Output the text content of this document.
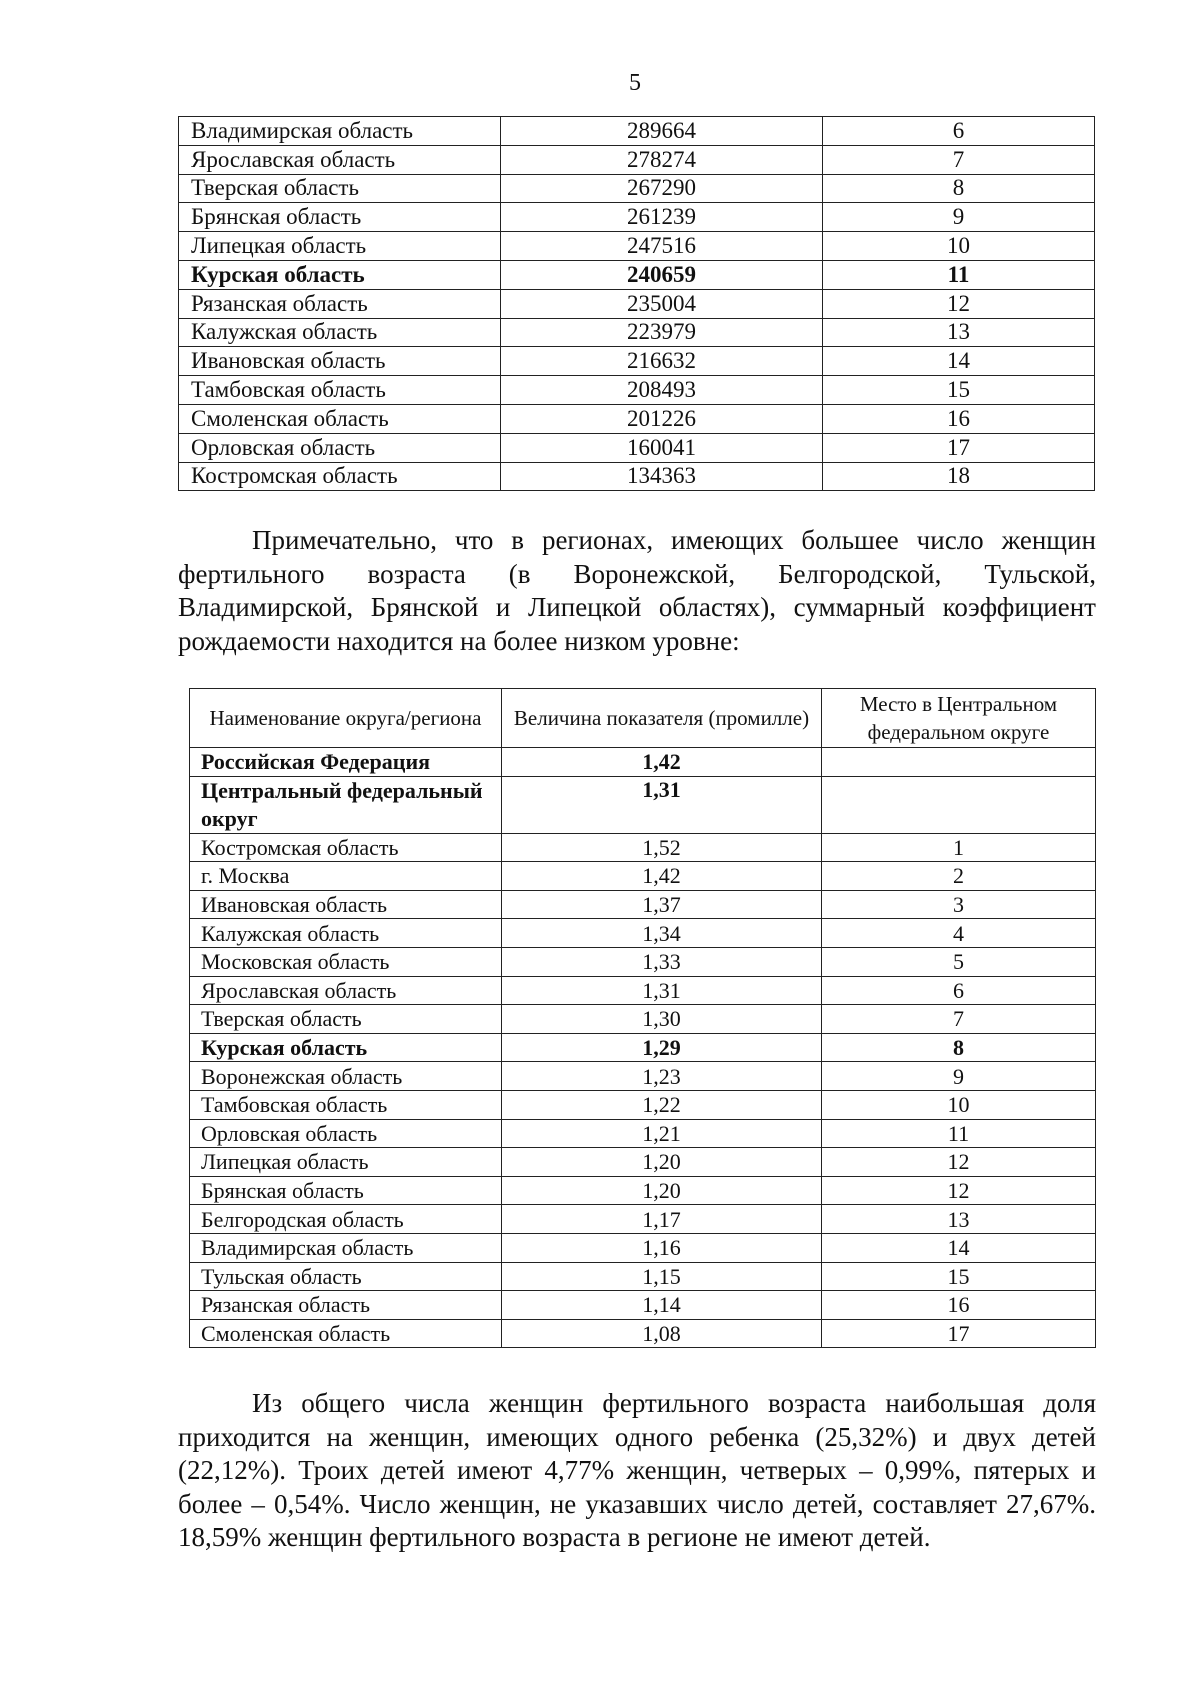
5
Владимирская область	289664	6
Ярославская область	278274	7
Тверская область	267290	8
Брянская область	261239	9
Липецкая область	247516	10
Курская область	240659	11
Рязанская область	235004	12
Калужская область	223979	13
Ивановская область	216632	14
Тамбовская область	208493	15
Смоленская область	201226	16
Орловская область	160041	17
Костромская область	134363	18

Примечательно, что в регионах, имеющих большее число женщин фертильного возраста (в Воронежской, Белгородской, Тульской, Владимирской, Брянской и Липецкой областях), суммарный коэффициент рождаемости находится на более низком уровне:

Наименование округа/региона	Величина показателя (промилле)	Место в Центральном федеральном округе
Российская Федерация	1,42	
Центральный федеральный округ	1,31	
Костромская область	1,52	1
г. Москва	1,42	2
Ивановская область	1,37	3
Калужская область	1,34	4
Московская область	1,33	5
Ярославская область	1,31	6
Тверская область	1,30	7
Курская область	1,29	8
Воронежская область	1,23	9
Тамбовская область	1,22	10
Орловская область	1,21	11
Липецкая область	1,20	12
Брянская область	1,20	12
Белгородская область	1,17	13
Владимирская область	1,16	14
Тульская область	1,15	15
Рязанская область	1,14	16
Смоленская область	1,08	17

Из общего числа женщин фертильного возраста наибольшая доля приходится на женщин, имеющих одного ребенка (25,32%) и двух детей (22,12%). Троих детей имеют 4,77% женщин, четверых – 0,99%, пятерых и более – 0,54%. Число женщин, не указавших число детей, составляет 27,67%. 18,59% женщин фертильного возраста в регионе не имеют детей.
